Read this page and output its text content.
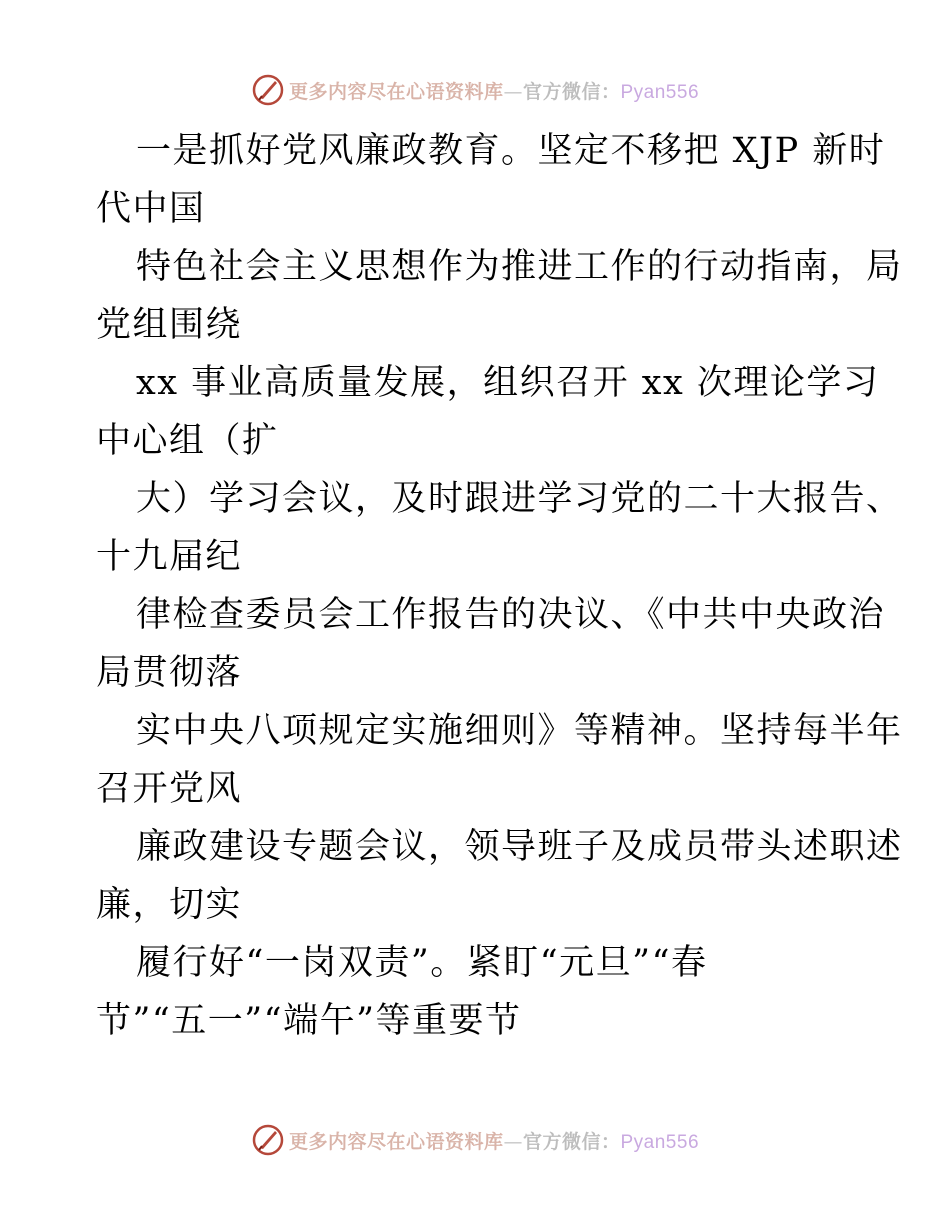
更多内容尽在心语资料库—官方微信：Pyan556
一是抓好党风廉政教育。坚定不移把 XJP 新时
代中国
特色社会主义思想作为推进工作的行动指南，局
党组围绕
xx 事业高质量发展，组织召开 xx 次理论学习
中心组（扩
大）学习会议，及时跟进学习党的二十大报告、
十九届纪
律检查委员会工作报告的决议、《中共中央政治
局贯彻落
实中央八项规定实施细则》等精神。坚持每半年
召开党风
廉政建设专题会议，领导班子及成员带头述职述
廉，切实
履行好“一岗双责”。紧盯“元旦”“春
节”“五一”“端午”等重要节
更多内容尽在心语资料库—官方微信：Pyan556
